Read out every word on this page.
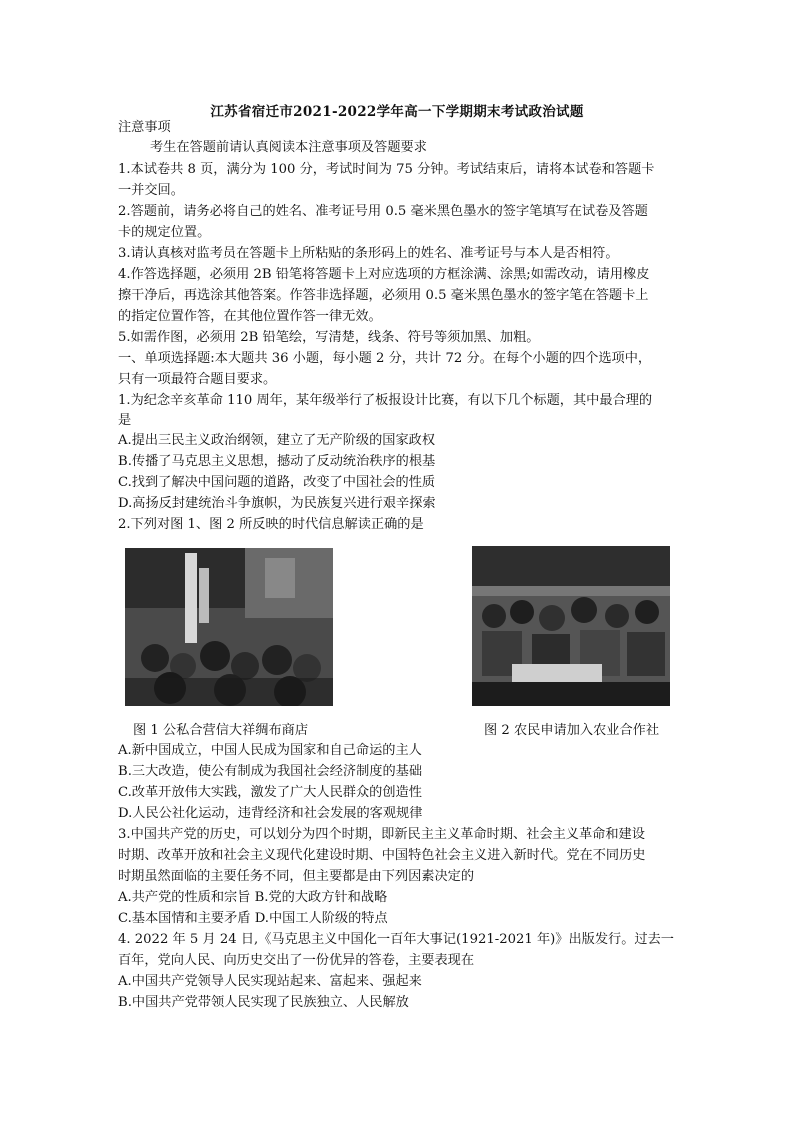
江苏省宿迁市2021-2022学年高一下学期期末考试政治试题
注意事项
考生在答题前请认真阅读本注意事项及答题要求
1.本试卷共 8 页，满分为 100 分，考试时间为 75 分钟。考试结束后，请将本试卷和答题卡
一并交回。
2.答题前，请务必将自己的姓名、准考证号用 0.5 毫米黑色墨水的签字笔填写在试卷及答题
卡的规定位置。
3.请认真核对监考员在答题卡上所粘贴的条形码上的姓名、准考证号与本人是否相符。
4.作答选择题，必须用 2B 铅笔将答题卡上对应选项的方框涂满、涂黑;如需改动，请用橡皮
擦干净后，再选涂其他答案。作答非选择题，必须用 0.5 毫米黑色墨水的签字笔在答题卡上
的指定位置作答，在其他位置作答一律无效。
5.如需作图，必须用 2B 铅笔绘，写清楚，线条、符号等须加黑、加粗。
一、单项选择题:本大题共 36 小题，每小题 2 分，共计 72 分。在每个小题的四个选项中，
只有一项最符合题目要求。
1.为纪念辛亥革命 110 周年，某年级举行了板报设计比赛，有以下几个标题，其中最合理的
是
A.提出三民主义政治纲领，建立了无产阶级的国家政权
B.传播了马克思主义思想，撼动了反动统治秩序的根基
C.找到了解决中国问题的道路，改变了中国社会的性质
D.高扬反封建统治斗争旗帜，为民族复兴进行艰辛探索
2.下列对图 1、图 2 所反映的时代信息解读正确的是
图 1 公私合营信大祥绸布商店	图 2 农民申请加入农业合作社
A.新中国成立，中国人民成为国家和自己命运的主人
B.三大改造，使公有制成为我国社会经济制度的基础
C.改革开放伟大实践，激发了广大人民群众的创造性
D.人民公社化运动，违背经济和社会发展的客观规律
3.中国共产党的历史，可以划分为四个时期，即新民主主义革命时期、社会主义革命和建设
时期、改革开放和社会主义现代化建设时期、中国特色社会主义进入新时代。党在不同历史
时期虽然面临的主要任务不同，但主要都是由下列因素决定的
A.共产党的性质和宗旨 B.党的大政方针和战略
C.基本国情和主要矛盾 D.中国工人阶级的特点
4. 2022 年 5 月 24 日,《马克思主义中国化一百年大事记(1921-2021 年)》出版发行。过去一
百年，党向人民、向历史交出了一份优异的答卷，主要表现在
A.中国共产党领导人民实现站起来、富起来、强起来
B.中国共产党带领人民实现了民族独立、人民解放
